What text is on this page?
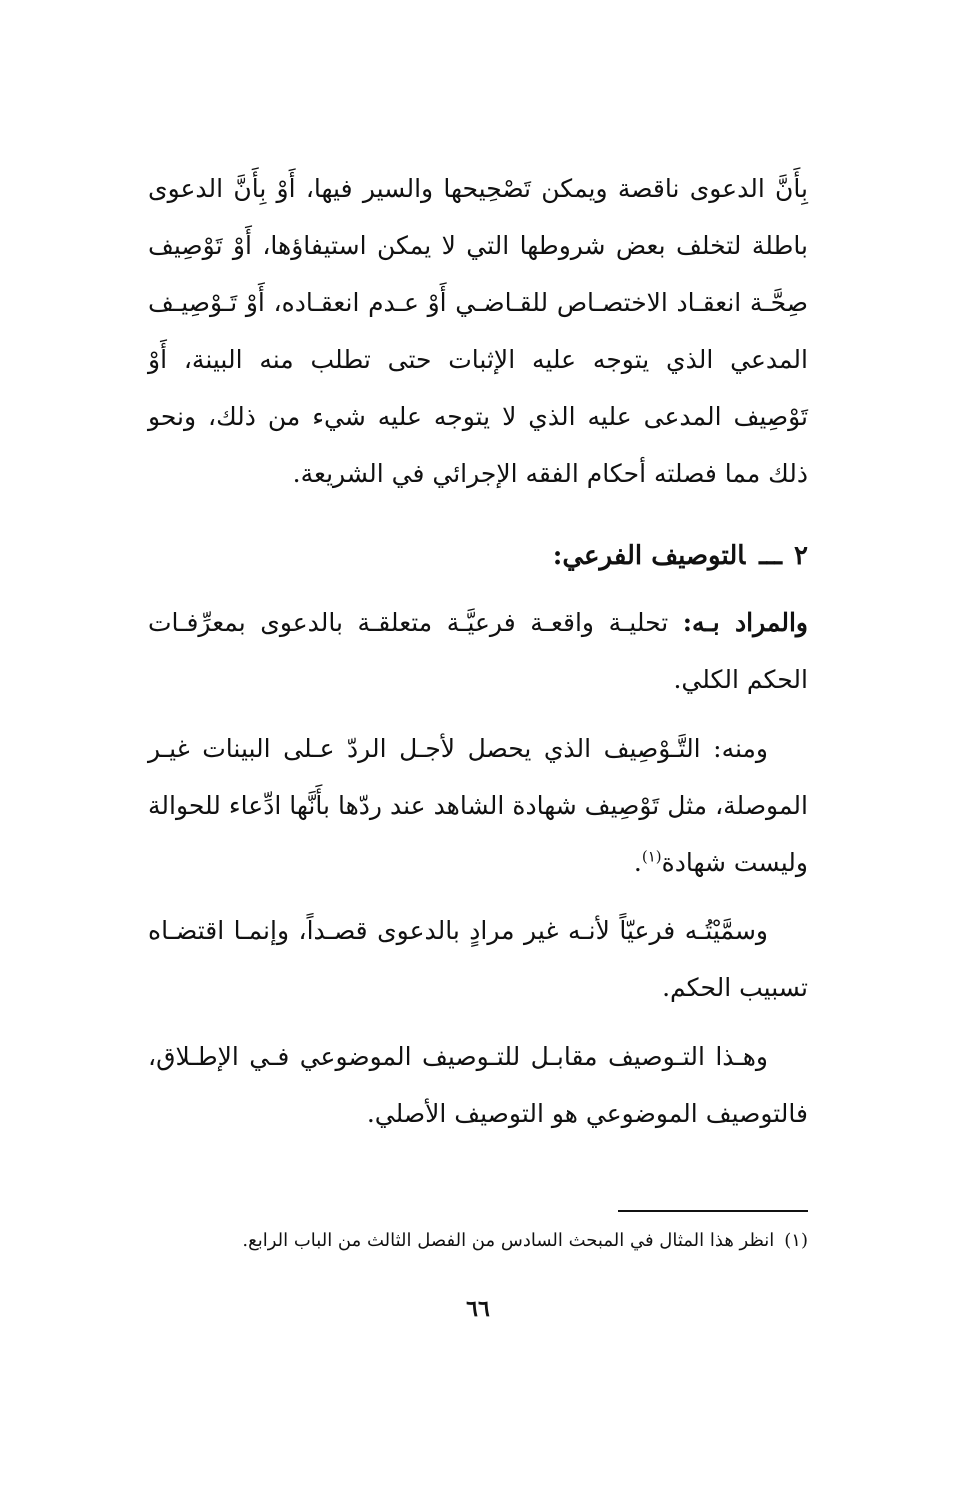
بِأَنَّ الدعوى ناقصة ويمكن تَصْحِيحها والسير فيها، أَوْ بِأَنَّ الدعوى باطلة لتخلف بعض شروطها التي لا يمكن استيفاؤها، أَوْ تَوْصِيف صِحَّـة انعقـاد الاختصـاص للقـاضـي أَوْ عـدم انعقـاده، أَوْ تَـوْصِيـف المدعي الذي يتوجه عليه الإثبات حتى تطلب منه البينة، أَوْ تَوْصِيف المدعى عليه الذي لا يتوجه عليه شيء من ذلك، ونحو ذلك مما فصلته أحكام الفقه الإجرائي في الشريعة.

٢ـــالتوصيف الفرعي:

والمراد بـه: تحليـة واقعـة فرعيَّـة متعلقـة بالدعوى بمعرِّفـات الحكم الكلي.

ومنه: التَّـوْصِيف الذي يحصل لأجـل الردّ عـلى البينات غيـر الموصلة، مثل تَوْصِيف شهادة الشاهد عند ردّها بأَنَّها ادِّعاء للحوالة وليست شهادة$^{(١)}$.

وسمَّيْتُـه فرعيّاً لأنـه غير مرادٍ بالدعوى قصـداً، وإنمـا اقتضـاه تسبيب الحكم.

وهـذا التـوصيف مقابـل للتـوصيف الموضوعي فـي الإطـلاق، فالتوصيف الموضوعي هو التوصيف الأصلي.

(١)انظر هذا المثال في المبحث السادس من الفصل الثالث من الباب الرابع.

٦٦
